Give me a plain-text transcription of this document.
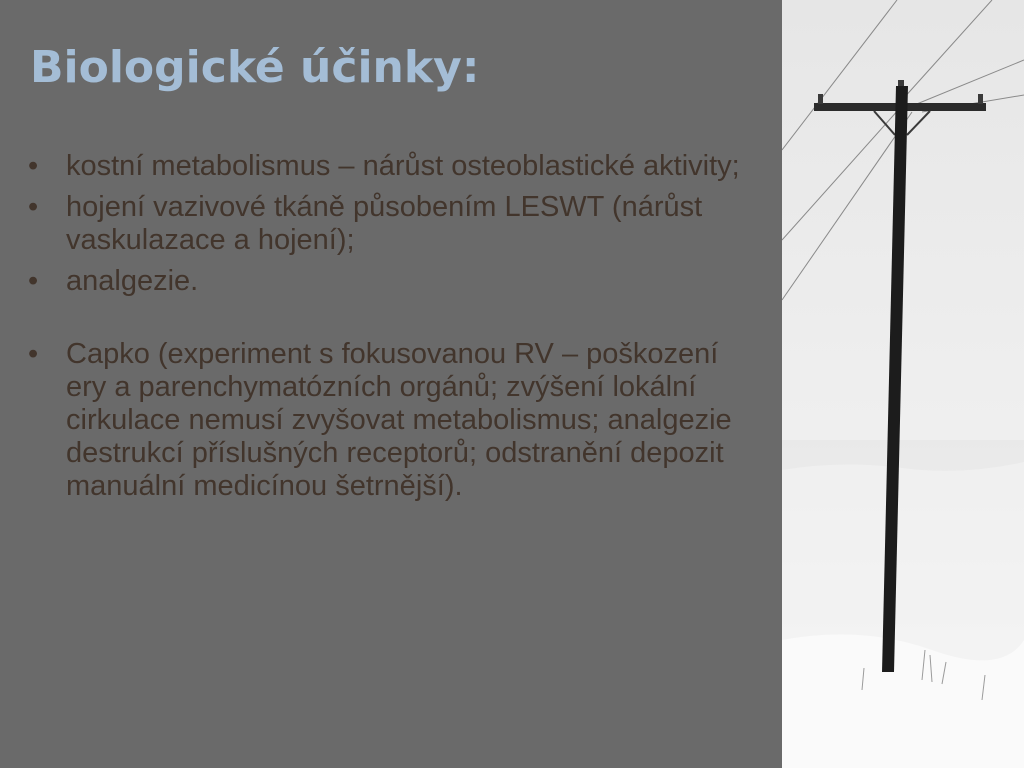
Biologické účinky:
• kostní metabolismus – nárůst osteoblastické aktivity;
• hojení vazivové tkáně působením LESWT (nárůst vaskulazace a hojení);
• analgezie.
• Capko (experiment s fokusovanou RV – poškození ery a parenchymatózních orgánů; zvýšení lokální cirkulace nemusí zvyšovat metabolismus; analgezie destrukcí příslušných receptorů; odstranění depozit manuální medicínou šetrnější).
